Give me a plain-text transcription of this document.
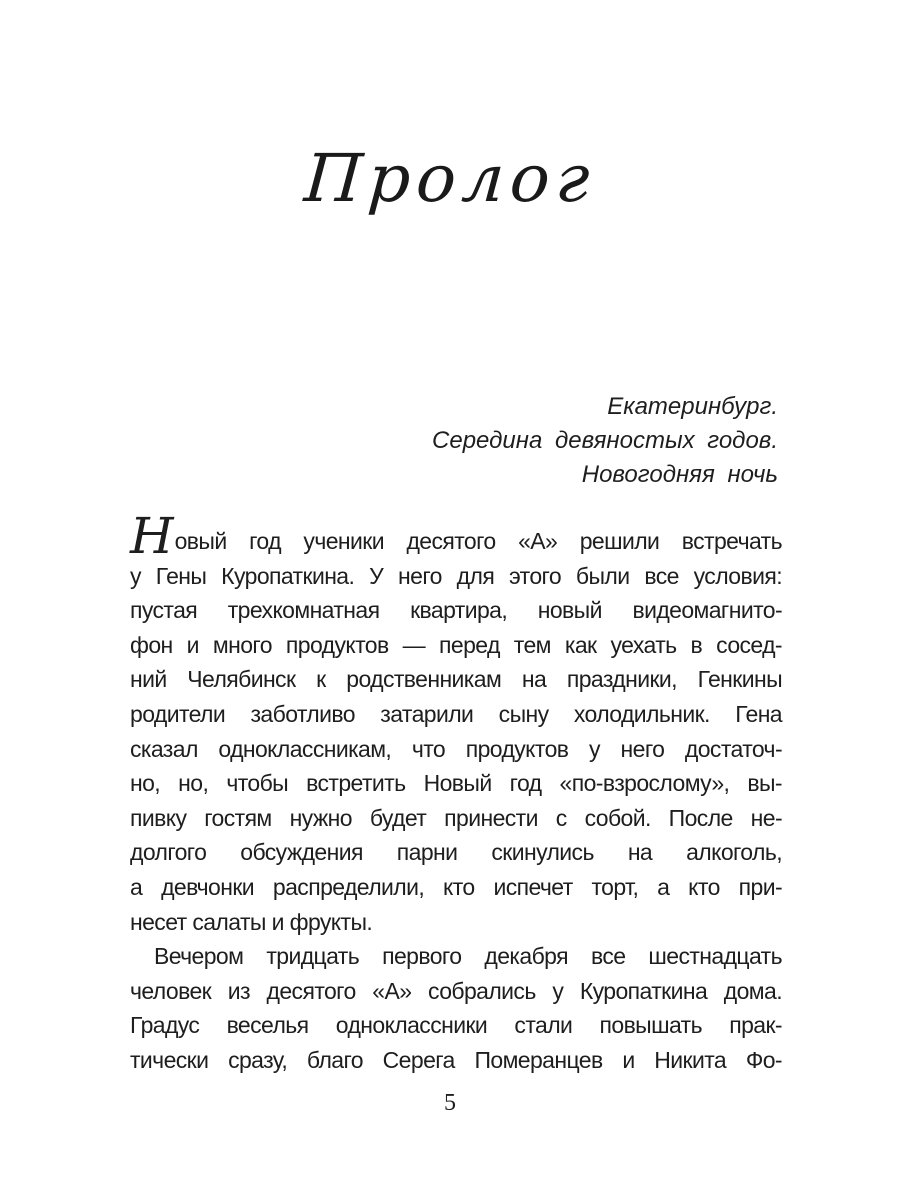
Пролог
Екатеринбург.
Середина девяностых годов.
Новогодняя ночь
Новый год ученики десятого «А» решили встречать
у Гены Куропаткина. У него для этого были все условия:
пустая трехкомнатная квартира, новый видеомагнито-
фон и много продуктов — перед тем как уехать в сосед-
ний Челябинск к родственникам на праздники, Генкины
родители заботливо затарили сыну холодильник. Гена
сказал одноклассникам, что продуктов у него достаточ-
но, но, чтобы встретить Новый год «по-взрослому», вы-
пивку гостям нужно будет принести с собой. После не-
долгого обсуждения парни скинулись на алкоголь,
а девчонки распределили, кто испечет торт, а кто при-
несет салаты и фрукты.
Вечером тридцать первого декабря все шестнадцать
человек из десятого «А» собрались у Куропаткина дома.
Градус веселья одноклассники стали повышать прак-
тически сразу, благо Серега Померанцев и Никита Фо-
5
